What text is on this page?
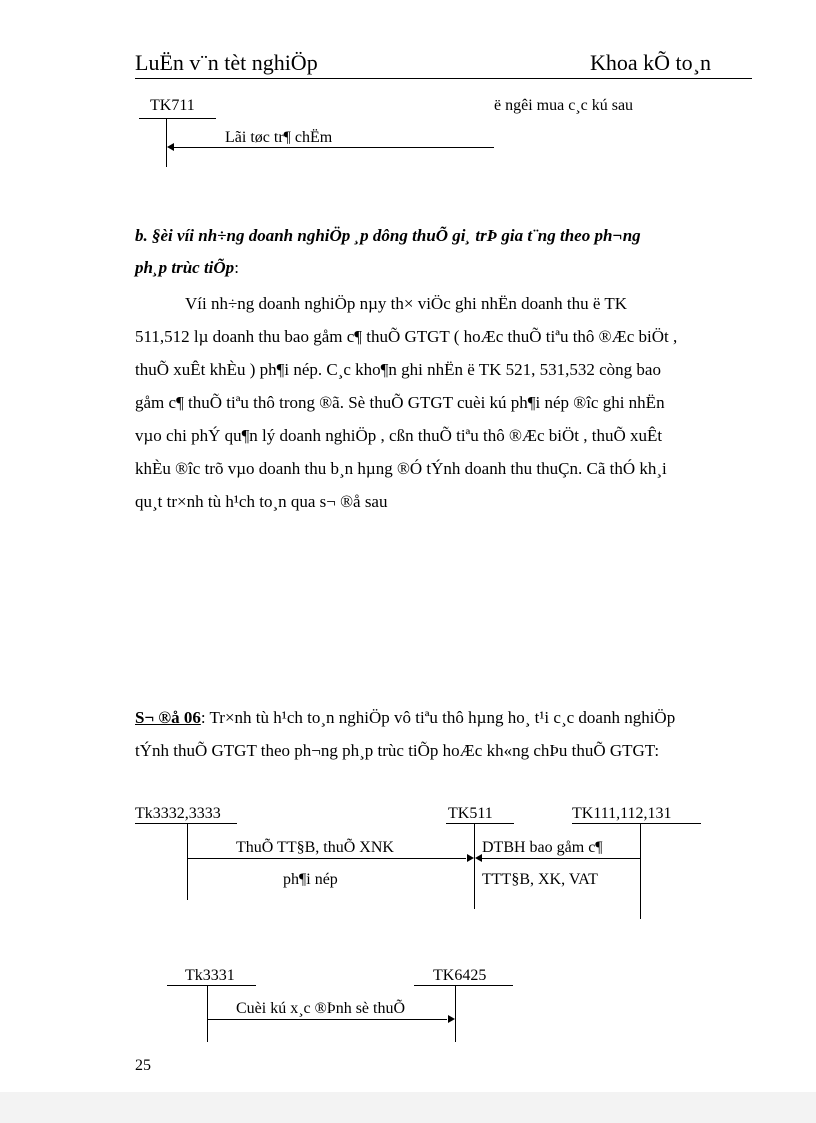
LuËn v¨n tèt nghiÖp	Khoa kÕ to¸n
TK711	ë ngêi mua c¸c kú sau
Lãi tøc tr¶ chËm
b. §èi víi nh÷ng doanh nghiÖp ¸p dông thuÕ gi¸ trÞ gia t¨ng theo ph¬ng
ph¸p trùc tiÕp:
Víi nh÷ng doanh nghiÖp nµy th× viÖc ghi nhËn doanh thu ë TK
511,512 lµ doanh thu bao gåm c¶ thuÕ GTGT ( hoÆc thuÕ tiªu thô ®Æc biÖt ,
thuÕ xuÊt khÈu ) ph¶i nép. C¸c kho¶n ghi nhËn ë TK 521, 531,532 còng bao
gåm c¶ thuÕ tiªu thô trong ®ã. Sè thuÕ GTGT cuèi kú ph¶i nép ®îc ghi nhËn
vµo chi phÝ qu¶n lý doanh nghiÖp , cßn thuÕ tiªu thô ®Æc biÖt , thuÕ xuÊt
khÈu ®îc trõ vµo doanh thu b¸n hµng ®Ó tÝnh doanh thu thuÇn. Cã thÓ kh¸i
qu¸t tr×nh tù h¹ch to¸n qua s¬ ®å sau
S¬ ®å 06: Tr×nh tù h¹ch to¸n nghiÖp vô tiªu thô hµng ho¸ t¹i c¸c doanh nghiÖp
tÝnh thuÕ GTGT theo ph¬ng ph¸p trùc tiÕp hoÆc kh«ng chÞu thuÕ GTGT:
Tk3332,3333	TK511	TK111,112,131
ThuÕ TT§B, thuÕ XNK
ph¶i nép
DTBH bao gåm c¶
TTT§B, XK, VAT
Tk3331	TK6425
Cuèi kú x¸c ®Þnh sè thuÕ
25
